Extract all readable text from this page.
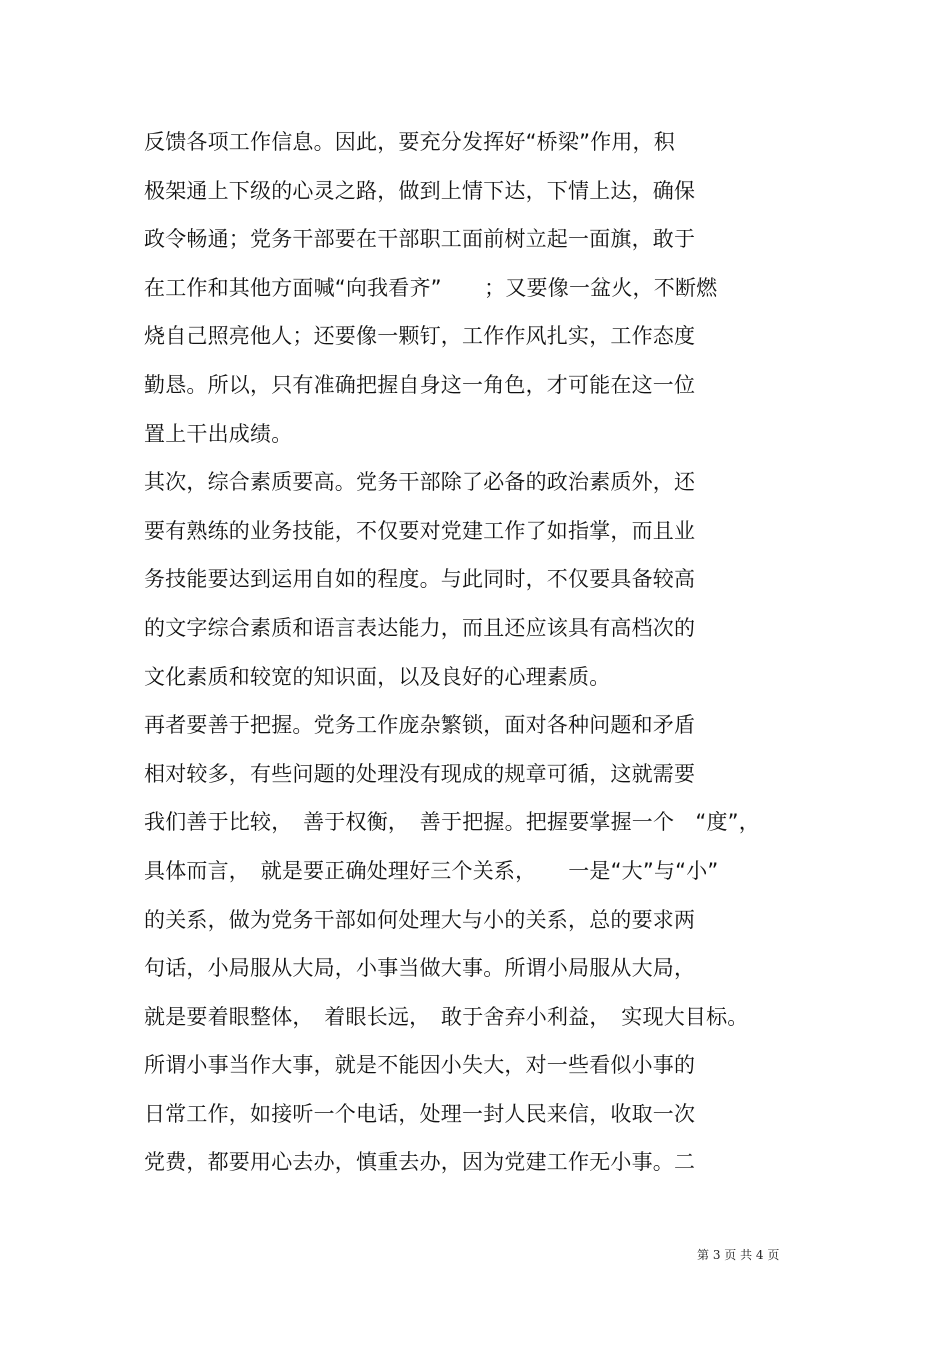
反馈各项工作信息。因此，要充分发挥好“桥梁”作用，积
极架通上下级的心灵之路，做到上情下达，下情上达，确保
政令畅通；党务干部要在干部职工面前树立起一面旗，敢于
在工作和其他方面喊“向我看齐”　　；又要像一盆火，不断燃
烧自己照亮他人；还要像一颗钉，工作作风扎实，工作态度
勤恳。所以，只有准确把握自身这一角色，才可能在这一位
置上干出成绩。
其次，综合素质要高。党务干部除了必备的政治素质外，还
要有熟练的业务技能，不仅要对党建工作了如指掌，而且业
务技能要达到运用自如的程度。与此同时，不仅要具备较高
的文字综合素质和语言表达能力，而且还应该具有高档次的
文化素质和较宽的知识面，以及良好的心理素质。
再者要善于把握。党务工作庞杂繁锁，面对各种问题和矛盾
相对较多，有些问题的处理没有现成的规章可循，这就需要
我们善于比较，　善于权衡，　善于把握。把握要掌握一个　“度”，
具体而言，　就是要正确处理好三个关系，　　一是“大”与“小”
的关系，做为党务干部如何处理大与小的关系，总的要求两
句话，小局服从大局，小事当做大事。所谓小局服从大局，
就是要着眼整体，　着眼长远，　敢于舍弃小利益，　实现大目标。
所谓小事当作大事，就是不能因小失大，对一些看似小事的
日常工作，如接听一个电话，处理一封人民来信，收取一次
党费，都要用心去办，慎重去办，因为党建工作无小事。二
第 3 页 共 4 页
